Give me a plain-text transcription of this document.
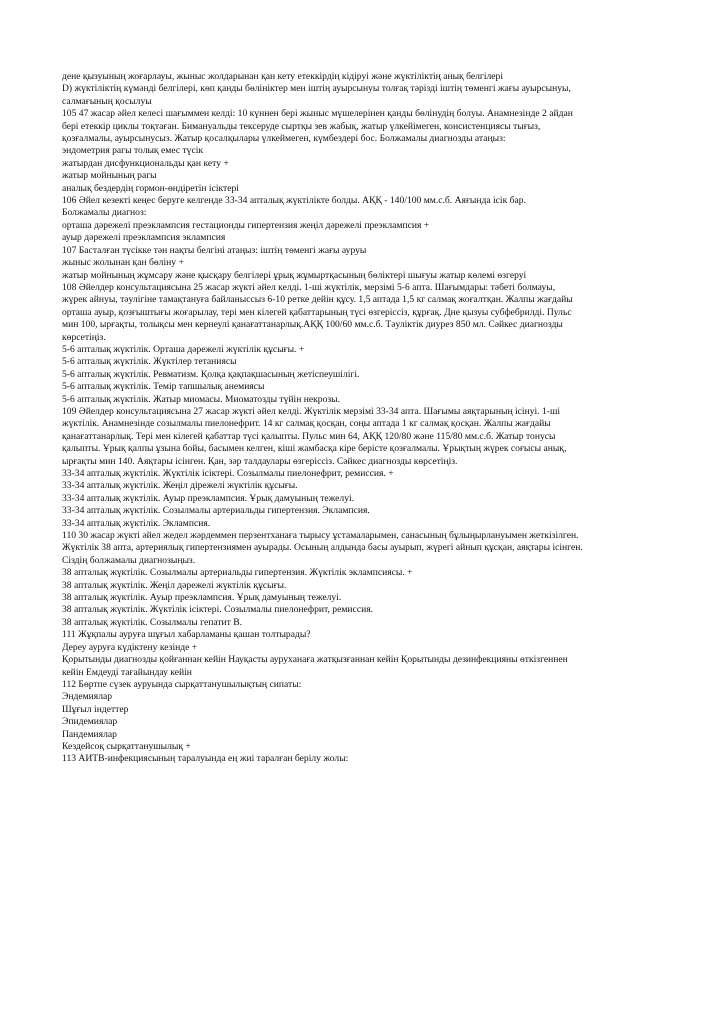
дене қызуының жоғарлауы, жыныс жолдарынан қан кету етеккірдің кідіруі және жүктіліктің анық белгілері
D) жүктіліктің күмәнді белгілері, көп қанды бөлініктер мен іштің ауырсынуы толғақ тәрізді іштің төменгі жағы ауырсынуы,
салмағының қосылуы
105 47 жасар әйел келесі шағыммен келді: 10 күннен бері жыныс мүшелерінен қанды бөлінудің болуы. Анамнезінде 2 айдан
бері етеккір циклы тоқтаған. Бимануальды тексеруде сыртқы зев жабық, жатыр үлкейімеген, консистенциясы тығыз,
қозғалмалы, ауырсынусыз. Жатыр қосалқылары үлкеймеген, күмбездері бос. Болжамалы диагнозды атаңыз:
эндометрия рагы толық емес түсік
жатырдан дисфункциональды қан кету +
жатыр мойнының рагы
аналық бездердің гормон-өндіретін ісіктері
106 Әйел кезекті кеңес беруге келгенде 33-34 апталық жүктілікте болды. АҚҚ - 140/100 мм.с.б. Аяғында ісік бар.
Болжамалы диагноз:
орташа дәрежелі преэклампсия гестационды гипертензия жеңіл дәрежелі преэклампсия +
ауыр дәрежелі преэклампсия эклампсия
107 Басталған түсікке тән нақты белгіні атаңыз: іштің төменгі жағы ауруы
жыныс жолынан қан бөліну +
жатыр мойнының жұмсару және қысқару белгілері ұрық жұмыртқасының бөліктері шығуы жатыр көлемі өзгеруі
108 Әйелдер консультациясына 25 жасар жүкті әйел келді. 1-ші жүктілік, мерзімі 5-6 апта. Шағымдары: тәбеті болмауы,
жүрек айнуы, тәулігіне тамақтануға байланыссыз 6-10 ретке дейін құсу. 1,5 аптада 1,5 кг салмақ жоғалтқан. Жалпы жағдайы
орташа ауыр, қозғыштығы жоғарылау, тері мен кілегей қабаттарының түсі өзгеріссіз, құрғақ. Дне қызуы субфебрилді. Пульс
мин 100, ырғақты, толықсы мен кернеулі қанағаттанарлық.АҚҚ 100/60 мм.с.б. Тәуліктік диурез 850 мл. Сәйкес диагнозды
көрсетіңіз.
5-6 апталық жүктілік. Орташа дәрежелі жүктілік құсығы. +
5-6 апталық жүктілік. Жүктілер тетаниясы
5-6 апталық жүктілік. Ревматизм. Қолқа қақпақшасының жетіспеушілігі.
5-6 апталық жүктілік. Темір тапшылық анемиясы
5-6 апталық жүктілік. Жатыр миомасы. Миоматозды түйін некрозы.
109 Әйелдер консультациясына 27 жасар жүкті әйел келді. Жүктілік мерзімі 33-34 апта. Шағымы аяқтарының ісінуі. 1-ші
жүктілік. Анамнезінде созылмалы пиелонефрит. 14 кг салмақ қосқан, соңы аптада 1 кг салмақ қосқан. Жалпы жағдайы
қанағаттанарлық. Тері мен кілегей қабаттар түсі қалыпты. Пульс мин 64, АҚҚ 120/80 және 115/80 мм.с.б. Жатыр тонусы
қалыпты. Ұрық қалпы ұзына бойы, басымен келген, кіші жамбасқа кіре берісте қозғалмалы. Ұрықтың жүрек соғысы анық,
ырғақты мин 140. Аяқтары ісінген. Қан, зәр талдаулары өзгеріссіз. Сәйкес диагнозды көрсетіңіз.
33-34 апталық жүктілік. Жүктілік ісіктері. Созылмалы пиелонефрит, ремиссия. +
33-34 апталық жүктілік. Жеңіл дірежелі жүктілік құсығы.
33-34 апталық жүктілік. Ауыр преэклампсия. Ұрық дамуының тежелуі.
33-34 апталық жүктілік. Созылмалы артериальды гипертензия. Эклампсия.
33-34 апталық жүктілік. Эклампсия.
110 30 жасар жүкті әйел жедел жәрдеммен перзентханаға тырысу ұстамаларымен, санасының бұлыңырлануымен жеткізілген.
Жүктілік 38 апта, артериялық гипертензиямен ауырады. Осының алдында басы ауырып, жүрегі айнып құсқан, аяқтары ісінген.
Сіздің болжамалы диагнозыңыз.
38 апталық жүктілік. Созылмалы артериальды гипертензия. Жүктілік эклампсиясы. +
38 апталық жүктілік. Жеңіл дәрежелі жүктілік құсығы.
38 апталық жүктілік. Ауыр преэклампсия. Ұрық дамуының тежелуі.
38 апталық жүктілік. Жүктілік ісіктері. Созылмалы пиелонефрит, ремиссия.
38 апталық жүктілік. Созылмалы гепатит В.
111 Жұқпалы ауруға шұғыл хабарламаны қашан толтырады?
Дереу ауруға күдіктену кезінде +
Қорытынды диагнозды қойғаннан кейін Науқасты ауруханаға жатқызғаннан кейін Қорытынды дезинфекцияны өткізгеннен
кейін Емдеуді тағайындау кейін
112 Бөртпе сүзек ауруында сырқаттанушылықтың сипаты:
Эндемиялар
Шұғыл індеттер
Эпидемиялар
Пандемиялар
Кездейсоқ сырқаттанушылық +
113 АИТВ-инфекциясының таралуында ең жиі таралған берілу жолы:
